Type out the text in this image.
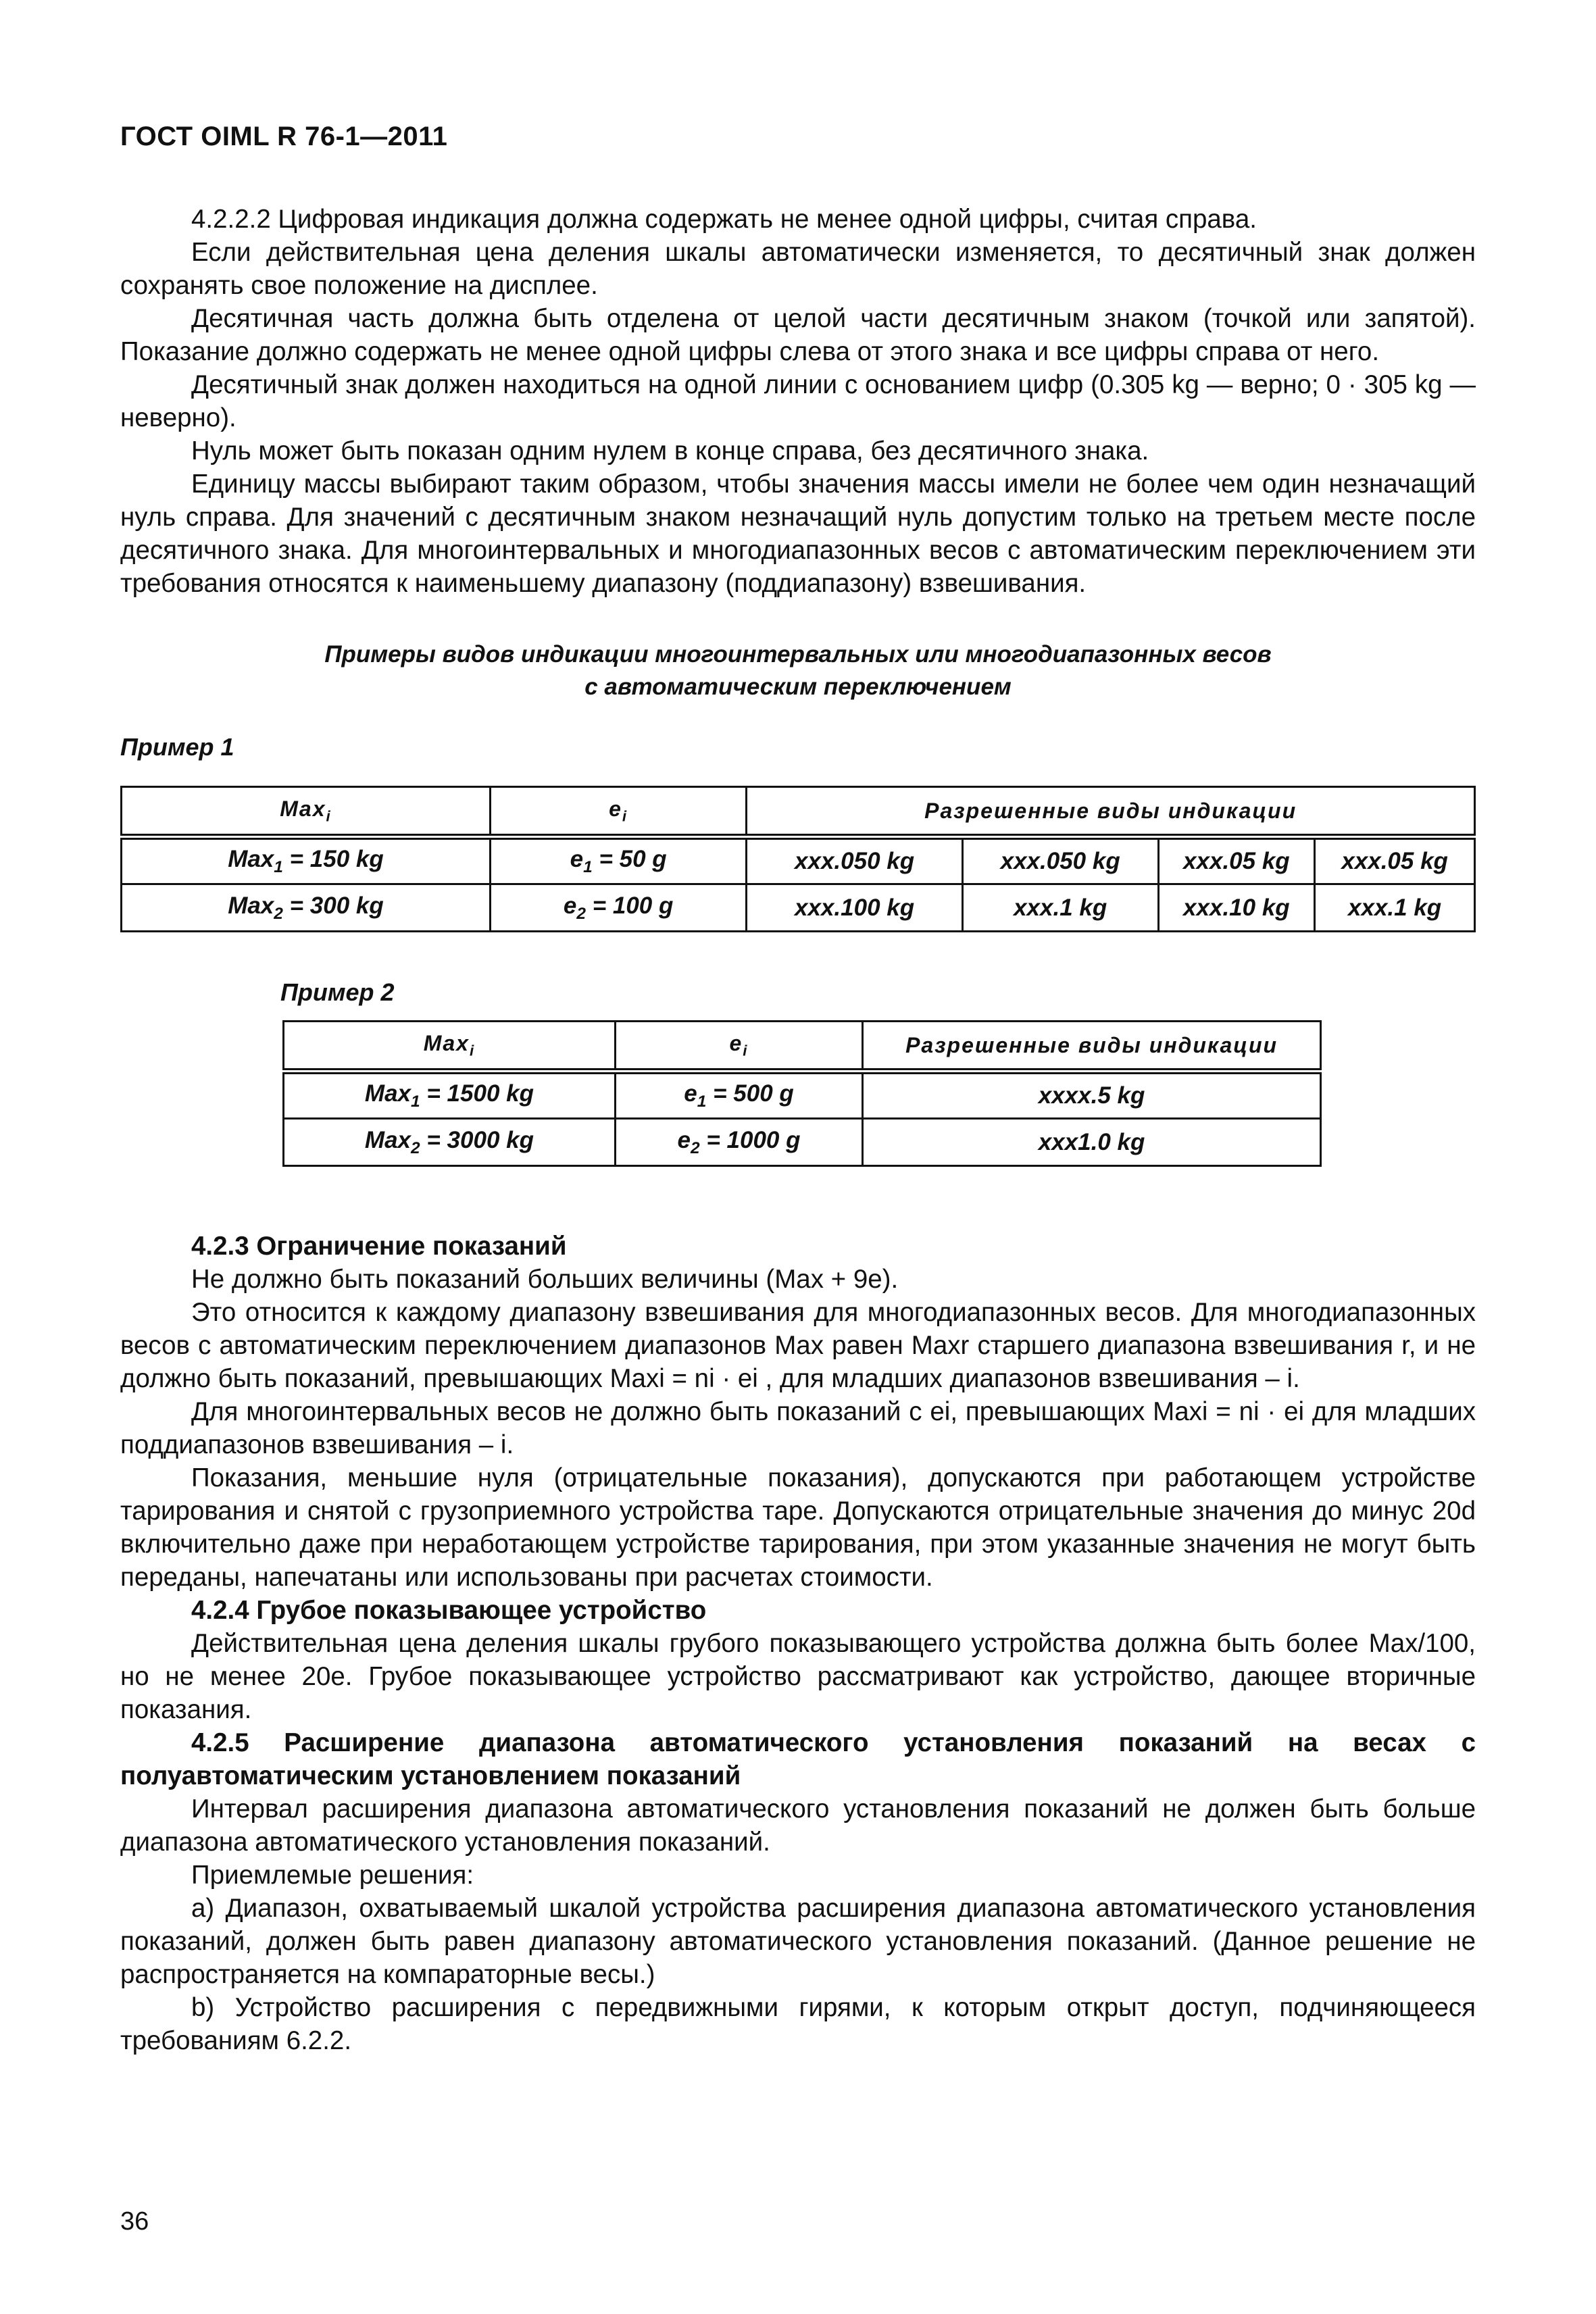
ГОСТ OIML R 76-1—2011

4.2.2.2 Цифровая индикация должна содержать не менее одной цифры, считая справа.

Если действительная цена деления шкалы автоматически изменяется, то десятичный знак должен сохранять свое положение на дисплее.

Десятичная часть должна быть отделена от целой части десятичным знаком (точкой или запятой). Показание должно содержать не менее одной цифры слева от этого знака и все цифры справа от него.

Десятичный знак должен находиться на одной линии с основанием цифр (0.305 kg — верно; 0 · 305 kg — неверно).

Нуль может быть показан одним нулем в конце справа, без десятичного знака.

Единицу массы выбирают таким образом, чтобы значения массы имели не более чем один незначащий нуль справа. Для значений с десятичным знаком незначащий нуль допустим только на третьем месте после десятичного знака. Для многоинтервальных и многодиапазонных весов с автоматическим переключением эти требования относятся к наименьшему диапазону (поддиапазону) взвешивания.

Примеры видов индикации многоинтервальных или многодиапазонных весов
с автоматическим переключением
Пример 1
Max$_i$	$e_i$	Разрешенные виды индикации			
Max$_1$ = 150 kg	$e_1 = 50$ g	xxx.050 kg	xxx.050 kg	xxx.05 kg	xxx.05 kg
Max$_2$ = 300 kg	$e_2 = 100$ g	xxx.100 kg	xxx.1 kg	xxx.10 kg	xxx.1 kg
Пример 2
Max$_i$	$e_i$	Разрешенные виды индикации
Max$_1$ = 1500 kg	$e_1 = 500$ g	xxxx.5 kg
Max$_2$ = 3000 kg	$e_2 = 1000$ g	xxx1.0 kg

4.2.3 Ограничение показаний

Не должно быть показаний больших величины (Max + 9e).

Это относится к каждому диапазону взвешивания для многодиапазонных весов. Для многодиапазонных весов с автоматическим переключением диапазонов Max равен Maxr старшего диапазона взвешивания r, и не должно быть показаний, превышающих Maxi = ni · ei , для младших диапазонов взвешивания – i.

Для многоинтервальных весов не должно быть показаний с ei, превышающих Maxi = ni · ei для младших поддиапазонов взвешивания – i.

Показания, меньшие нуля (отрицательные показания), допускаются при работающем устройстве тарирования и снятой с грузоприемного устройства таре. Допускаются отрицательные значения до минус 20d включительно даже при неработающем устройстве тарирования, при этом указанные значения не могут быть переданы, напечатаны или использованы при расчетах стоимости.

4.2.4 Грубое показывающее устройство

Действительная цена деления шкалы грубого показывающего устройства должна быть более Max/100, но не менее 20e. Грубое показывающее устройство рассматривают как устройство, дающее вторичные показания.

4.2.5 Расширение диапазона автоматического установления показаний на весах с полуавтоматическим установлением показаний

Интервал расширения диапазона автоматического установления показаний не должен быть больше диапазона автоматического установления показаний.

Приемлемые решения:

а) Диапазон, охватываемый шкалой устройства расширения диапазона автоматического установления показаний, должен быть равен диапазону автоматического установления показаний. (Данное решение не распространяется на компараторные весы.)

b) Устройство расширения с передвижными гирями, к которым открыт доступ, подчиняющееся требованиям 6.2.2.

36
